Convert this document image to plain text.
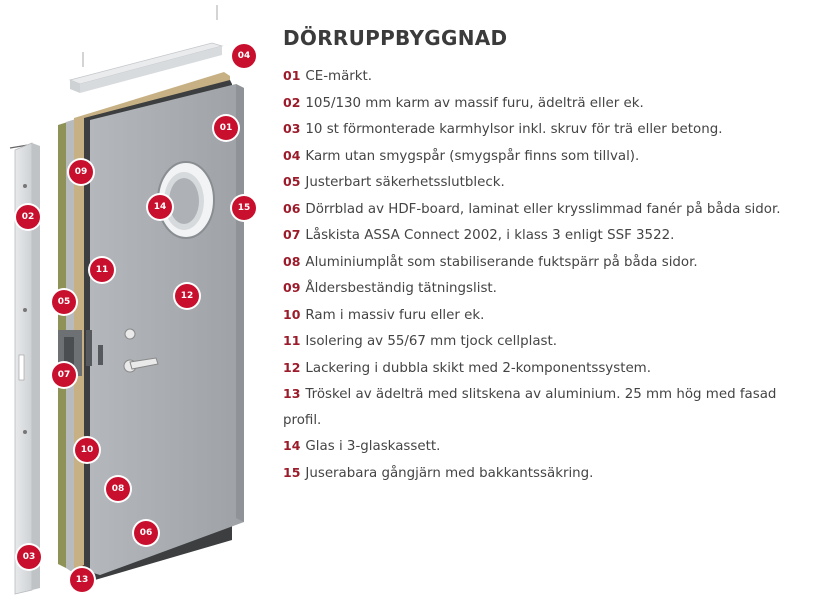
04
01
09
02
14	15
11
12
05
07
10
08
06
03
13
DÖRRUPPBYGGNAD
01 CE-märkt.
02 105/130 mm karm av massif furu, ädelträ eller ek.
03 10 st förmonterade karmhylsor inkl. skruv för trä eller betong.
04 Karm utan smygspår (smygspår finns som tillval).
05 Justerbart säkerhetsslutbleck.
06 Dörrblad av HDF-board, laminat eller krysslimmad fanér på båda sidor.
07 Låskista ASSA Connect 2002, i klass 3 enligt SSF 3522.
08 Aluminiumplåt som stabiliserande fuktspärr på båda sidor.
09 Åldersbeständig tätningslist.
10 Ram i massiv furu eller ek.
11 Isolering av 55/67 mm tjock cellplast.
12 Lackering i dubbla skikt med 2-komponentssystem.
13 Tröskel av ädelträ med slitskena av aluminium. 25 mm hög med fasad profil.
14 Glas i 3-glaskassett.
15 Juserabara gångjärn med bakkantssäkring.
